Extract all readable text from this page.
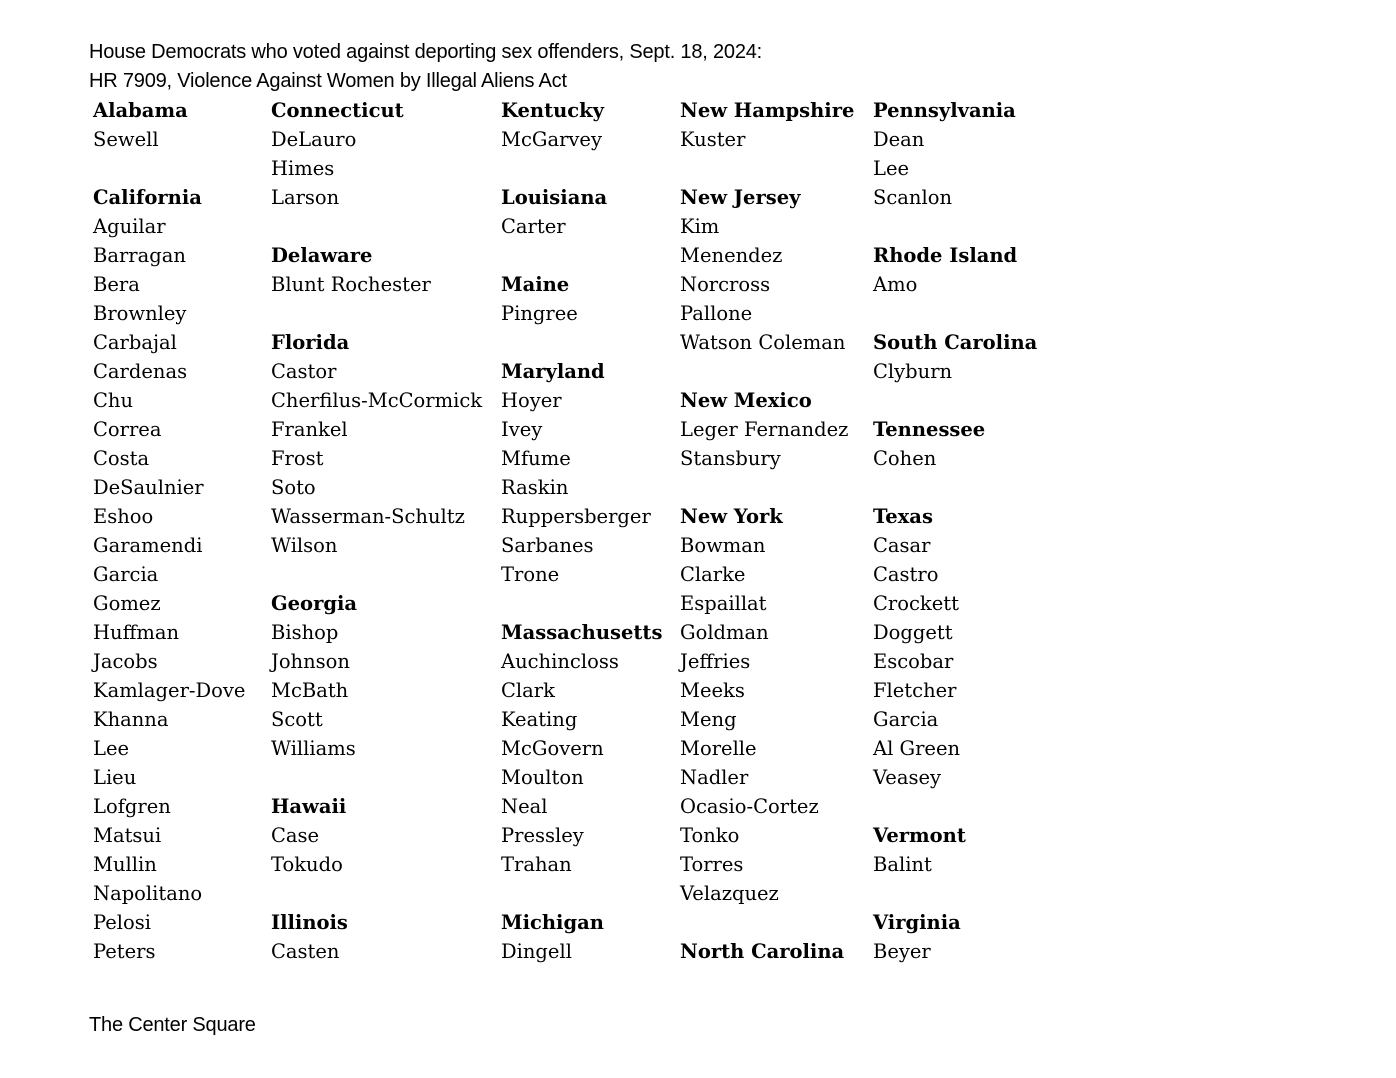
House Democrats who voted against deporting sex offenders, Sept. 18, 2024:
HR 7909, Violence Against Women by Illegal Aliens Act
Alabama
Sewell
California
Aguilar
Barragan
Bera
Brownley
Carbajal
Cardenas
Chu
Correa
Costa
DeSaulnier
Eshoo
Garamendi
Garcia
Gomez
Huffman
Jacobs
Kamlager-Dove
Khanna
Lee
Lieu
Lofgren
Matsui
Mullin
Napolitano
Pelosi
Peters
Connecticut
DeLauro
Himes
Larson
Delaware
Blunt Rochester
Florida
Castor
Cherfilus-McCormick
Frankel
Frost
Soto
Wasserman-Schultz
Wilson
Georgia
Bishop
Johnson
McBath
Scott
Williams
Hawaii
Case
Tokudo
Illinois
Casten
Kentucky
McGarvey
Louisiana
Carter
Maine
Pingree
Maryland
Hoyer
Ivey
Mfume
Raskin
Ruppersberger
Sarbanes
Trone
Massachusetts
Auchincloss
Clark
Keating
McGovern
Moulton
Neal
Pressley
Trahan
Michigan
Dingell
New Hampshire
Kuster
New Jersey
Kim
Menendez
Norcross
Pallone
Watson Coleman
New Mexico
Leger Fernandez
Stansbury
New York
Bowman
Clarke
Espaillat
Goldman
Jeffries
Meeks
Meng
Morelle
Nadler
Ocasio-Cortez
Tonko
Torres
Velazquez
North Carolina
Pennsylvania
Dean
Lee
Scanlon
Rhode Island
Amo
South Carolina
Clyburn
Tennessee
Cohen
Texas
Casar
Castro
Crockett
Doggett
Escobar
Fletcher
Garcia
Al Green
Veasey
Vermont
Balint
Virginia
Beyer
The Center Square
